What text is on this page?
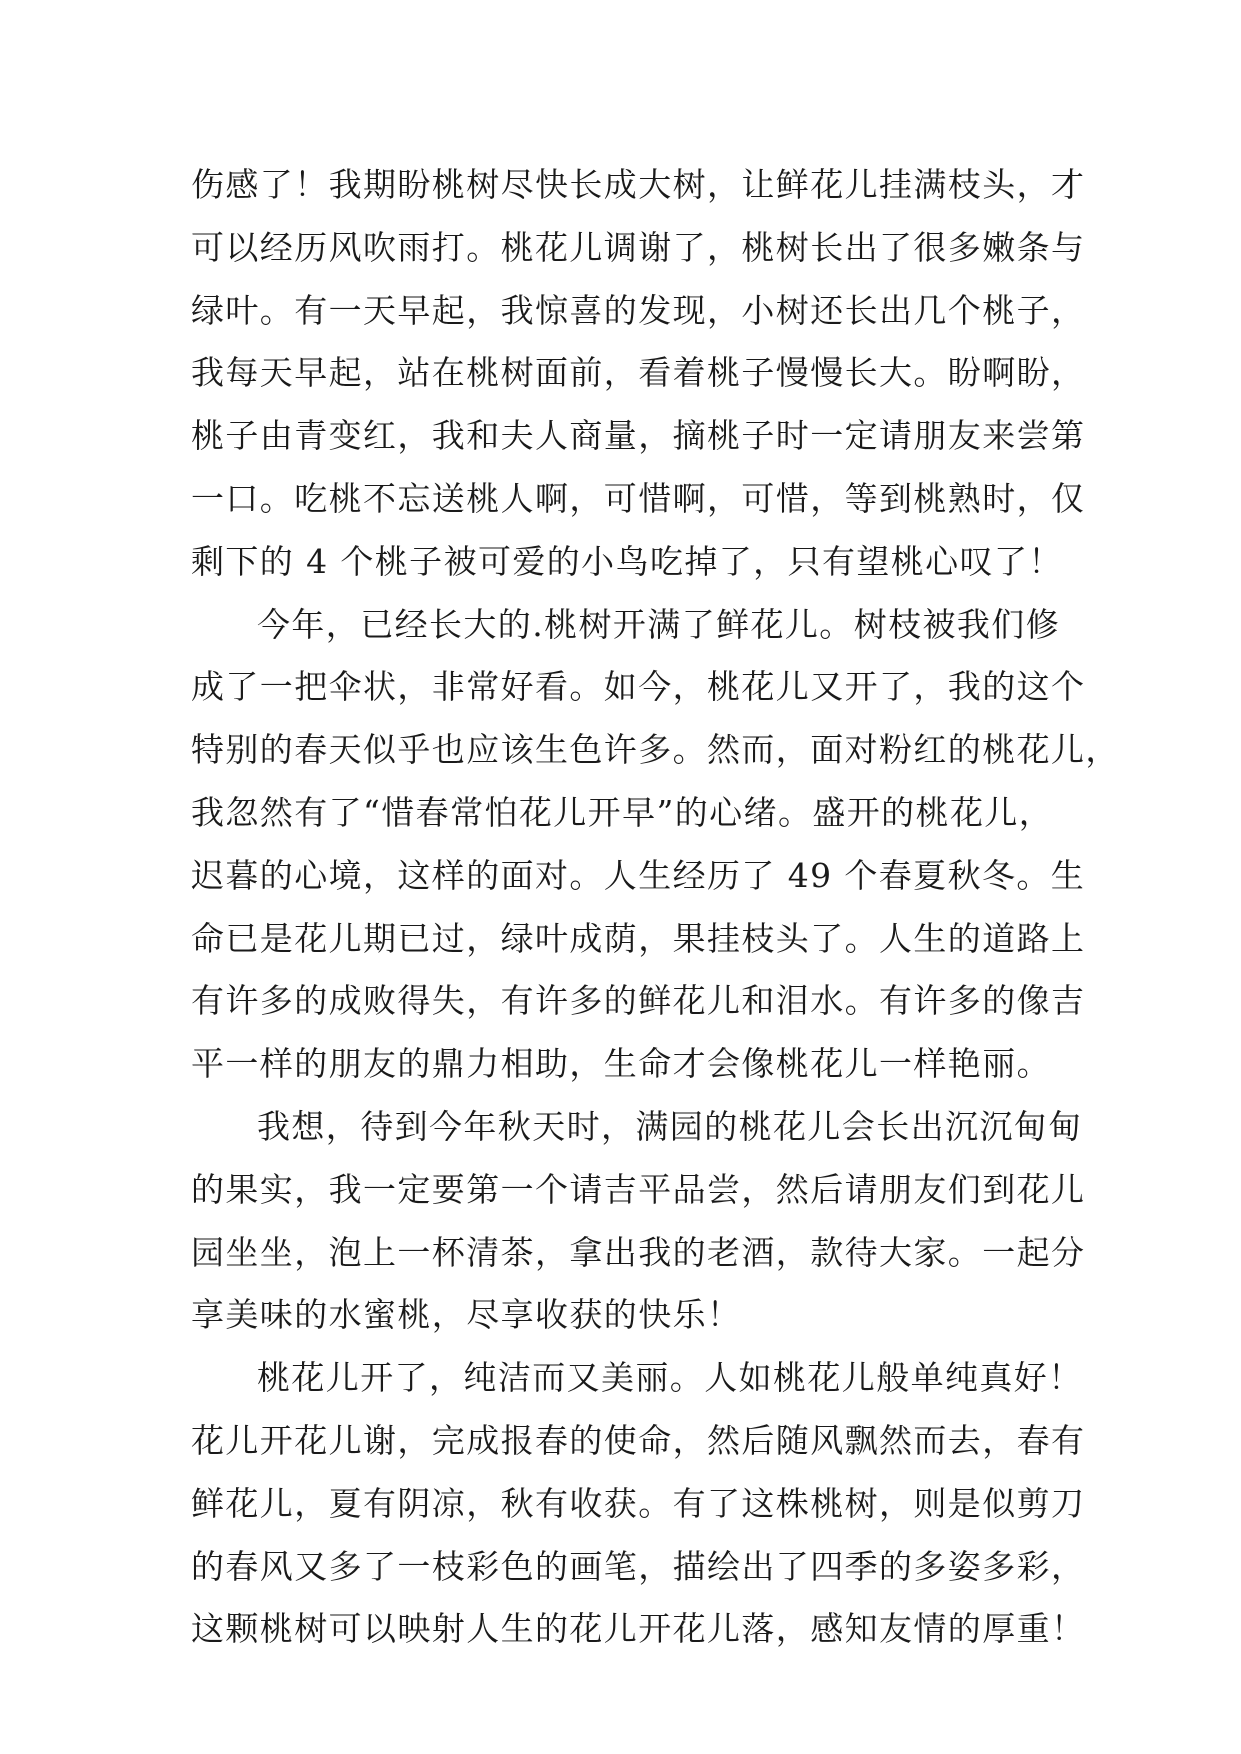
伤感了！我期盼桃树尽快长成大树，让鲜花儿挂满枝头，才
可以经历风吹雨打。桃花儿调谢了，桃树长出了很多嫩条与
绿叶。有一天早起，我惊喜的发现，小树还长出几个桃子，
我每天早起，站在桃树面前，看着桃子慢慢长大。盼啊盼，
桃子由青变红，我和夫人商量，摘桃子时一定请朋友来尝第
一口。吃桃不忘送桃人啊，可惜啊，可惜，等到桃熟时，仅
剩下的 4 个桃子被可爱的小鸟吃掉了，只有望桃心叹了！
今年，已经长大的.桃树开满了鲜花儿。树枝被我们修
成了一把伞状，非常好看。如今，桃花儿又开了，我的这个
特别的春天似乎也应该生色许多。然而，面对粉红的桃花儿，
我忽然有了“惜春常怕花儿开早”的心绪。盛开的桃花儿，
迟暮的心境，这样的面对。人生经历了 49 个春夏秋冬。生
命已是花儿期已过，绿叶成荫，果挂枝头了。人生的道路上
有许多的成败得失，有许多的鲜花儿和泪水。有许多的像吉
平一样的朋友的鼎力相助，生命才会像桃花儿一样艳丽。
我想，待到今年秋天时，满园的桃花儿会长出沉沉甸甸
的果实，我一定要第一个请吉平品尝，然后请朋友们到花儿
园坐坐，泡上一杯清茶，拿出我的老酒，款待大家。一起分
享美味的水蜜桃，尽享收获的快乐！
桃花儿开了，纯洁而又美丽。人如桃花儿般单纯真好！
花儿开花儿谢，完成报春的使命，然后随风飘然而去，春有
鲜花儿，夏有阴凉，秋有收获。有了这株桃树，则是似剪刀
的春风又多了一枝彩色的画笔，描绘出了四季的多姿多彩，
这颗桃树可以映射人生的花儿开花儿落，感知友情的厚重！
